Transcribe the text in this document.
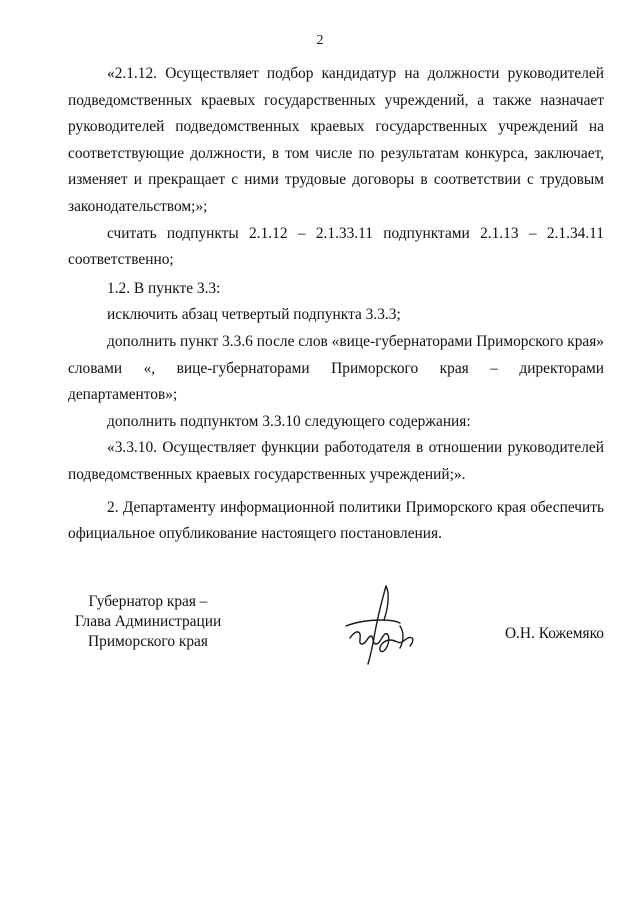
2

«2.1.12. Осуществляет подбор кандидатур на должности руководителей подведомственных краевых государственных учреждений, а также назначает руководителей подведомственных краевых государственных учреждений на соответствующие должности, в том числе по результатам конкурса, заключает, изменяет и прекращает с ними трудовые договоры в соответствии с трудовым законодательством;»;

считать подпункты 2.1.12 – 2.1.33.11 подпунктами 2.1.13 – 2.1.34.11 соответственно;

1.2. В пункте 3.3:

исключить абзац четвертый подпункта 3.3.3;

дополнить пункт 3.3.6 после слов «вице-губернаторами Приморского края» словами «, вице-губернаторами Приморского края – директорами департаментов»;

дополнить подпунктом 3.3.10 следующего содержания:

«3.3.10. Осуществляет функции работодателя в отношении руководителей подведомственных краевых государственных учреждений;».

2. Департаменту информационной политики Приморского края обеспечить официальное опубликование настоящего постановления.

Губернатор края –
Глава Администрации
Приморского края	О.Н. Кожемяко
